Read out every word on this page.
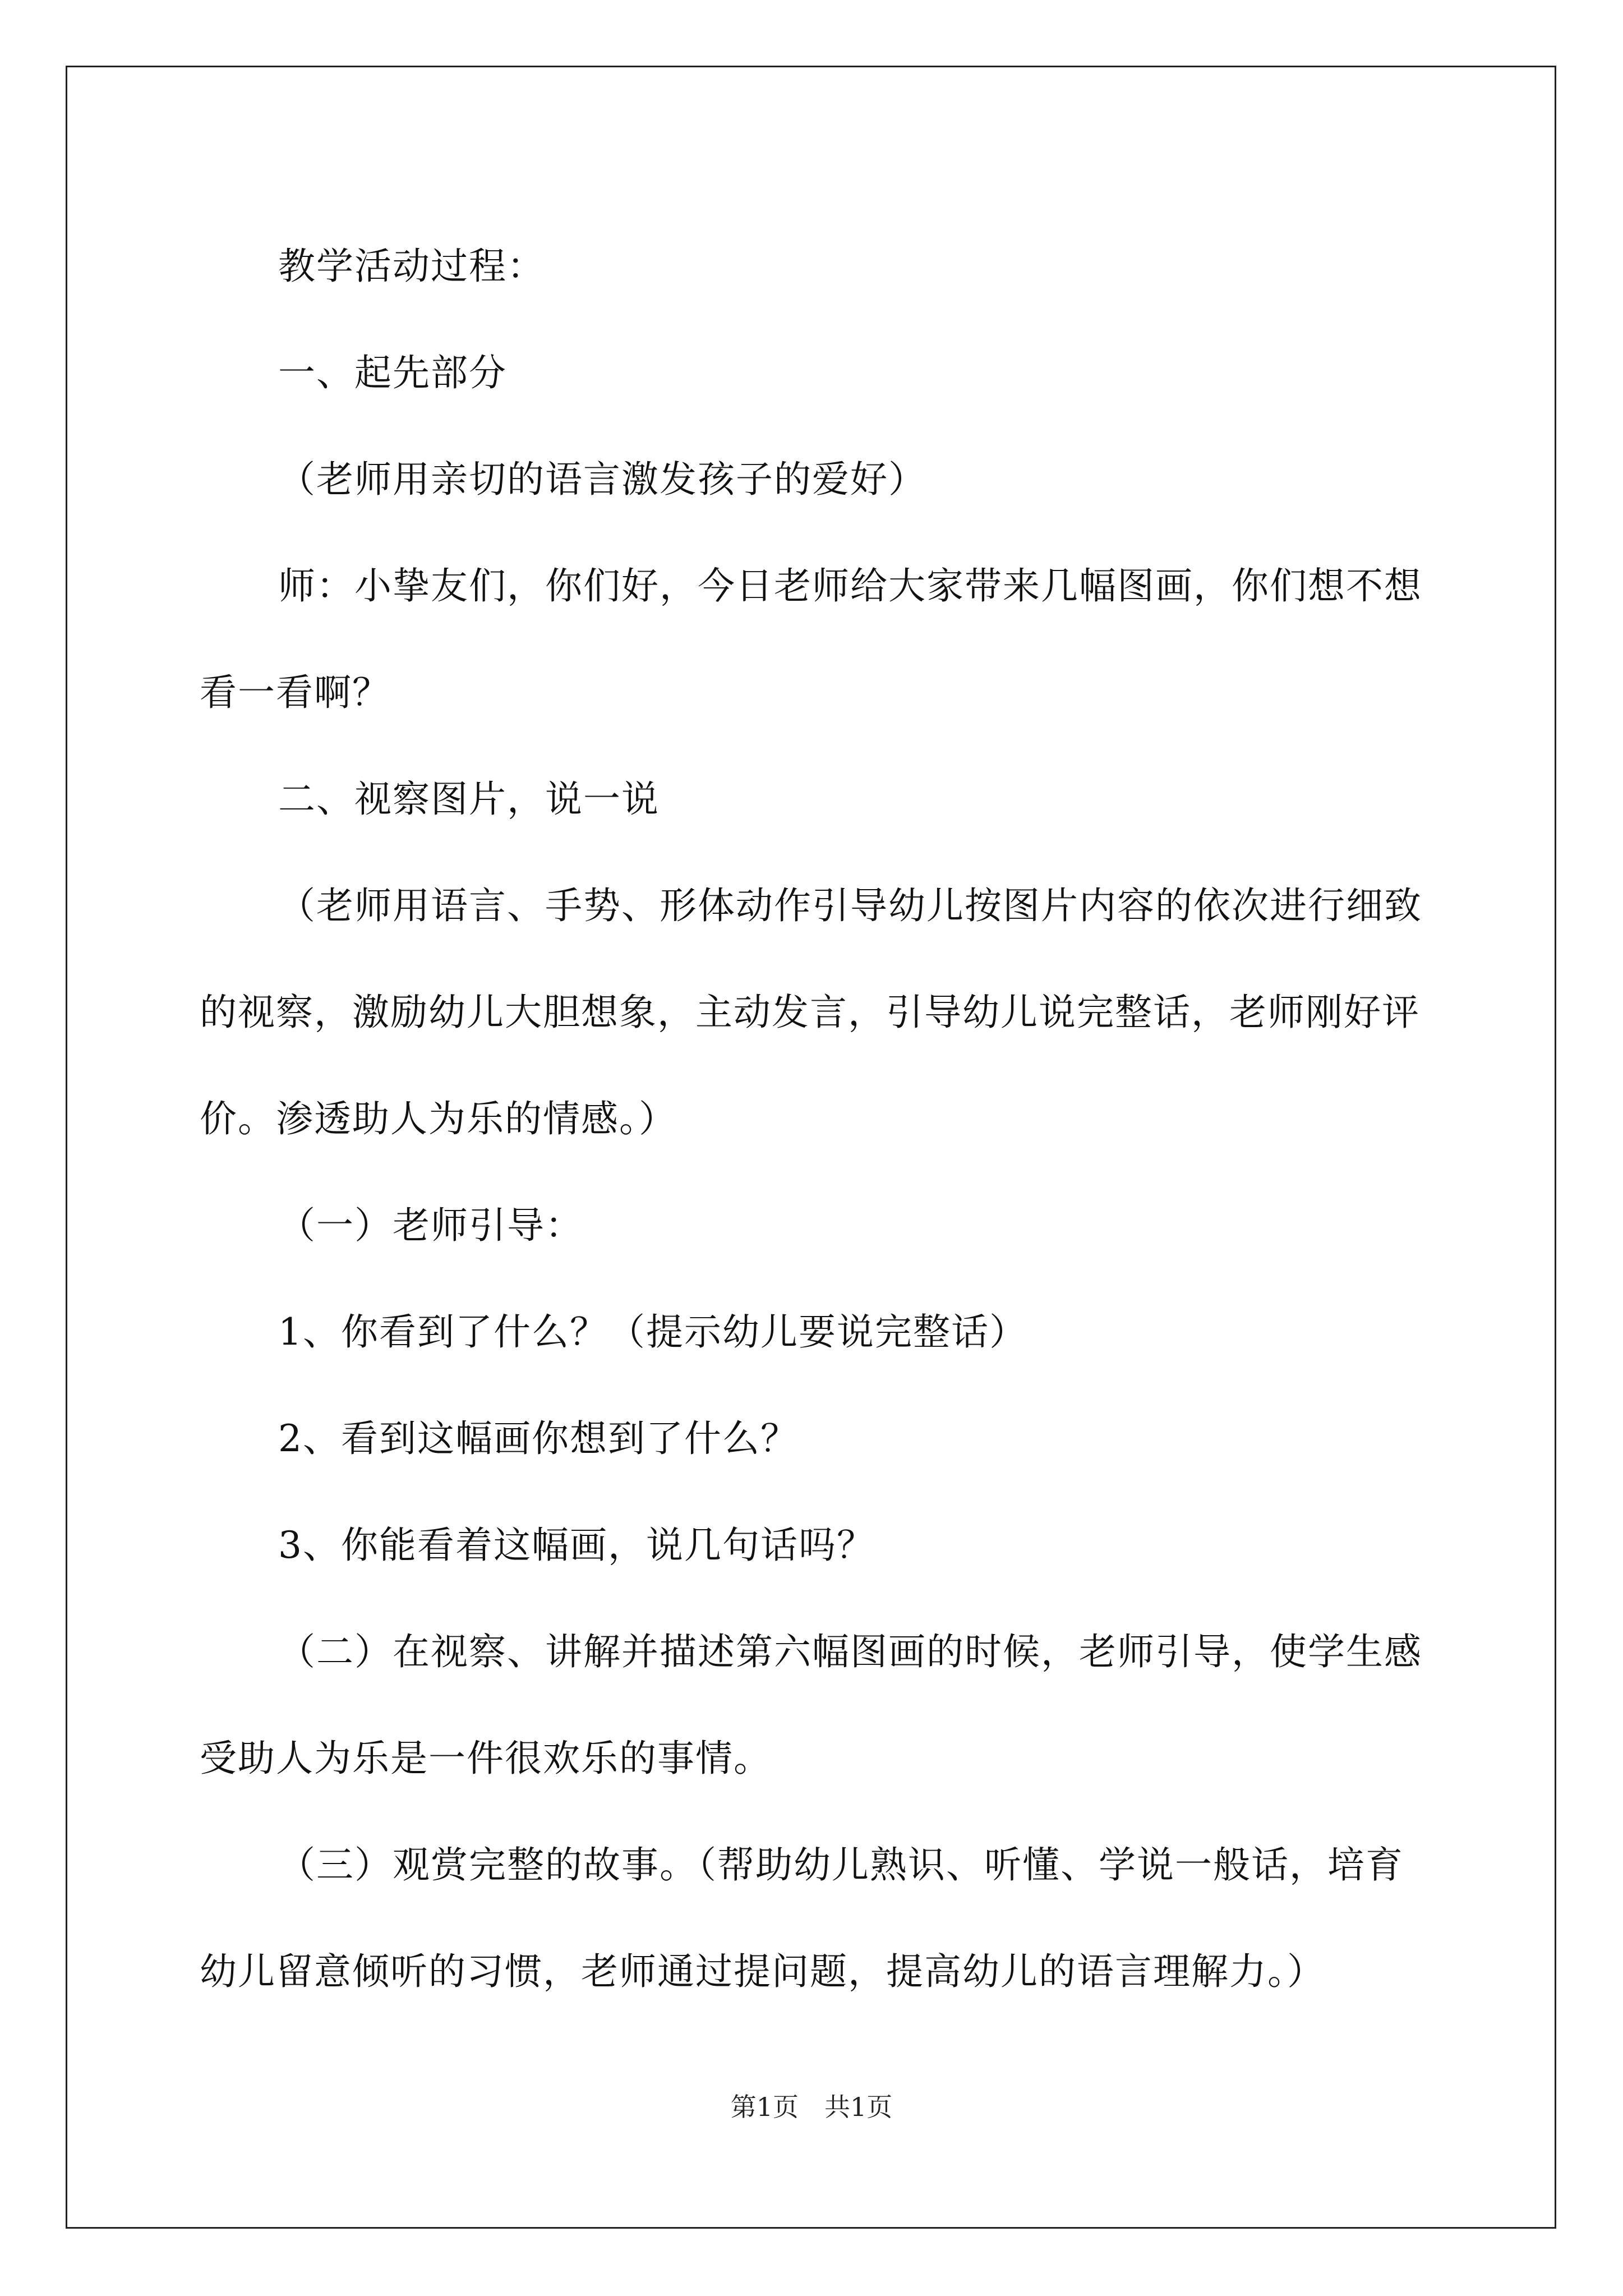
教学活动过程：

一、起先部分

（老师用亲切的语言激发孩子的爱好）

师：小挚友们，你们好，今日老师给大家带来几幅图画，你们想不想看一看啊？

二、视察图片，说一说

（老师用语言、手势、形体动作引导幼儿按图片内容的依次进行细致的视察，激励幼儿大胆想象，主动发言，引导幼儿说完整话，老师刚好评价。渗透助人为乐的情感。）

（一）老师引导：

1、你看到了什么？（提示幼儿要说完整话）

2、看到这幅画你想到了什么？

3、你能看着这幅画，说几句话吗？

（二）在视察、讲解并描述第六幅图画的时候，老师引导，使学生感受助人为乐是一件很欢乐的事情。

（三）观赏完整的故事。（帮助幼儿熟识、听懂、学说一般话，培育幼儿留意倾听的习惯，老师通过提问题，提高幼儿的语言理解力。）

第1页　共1页
